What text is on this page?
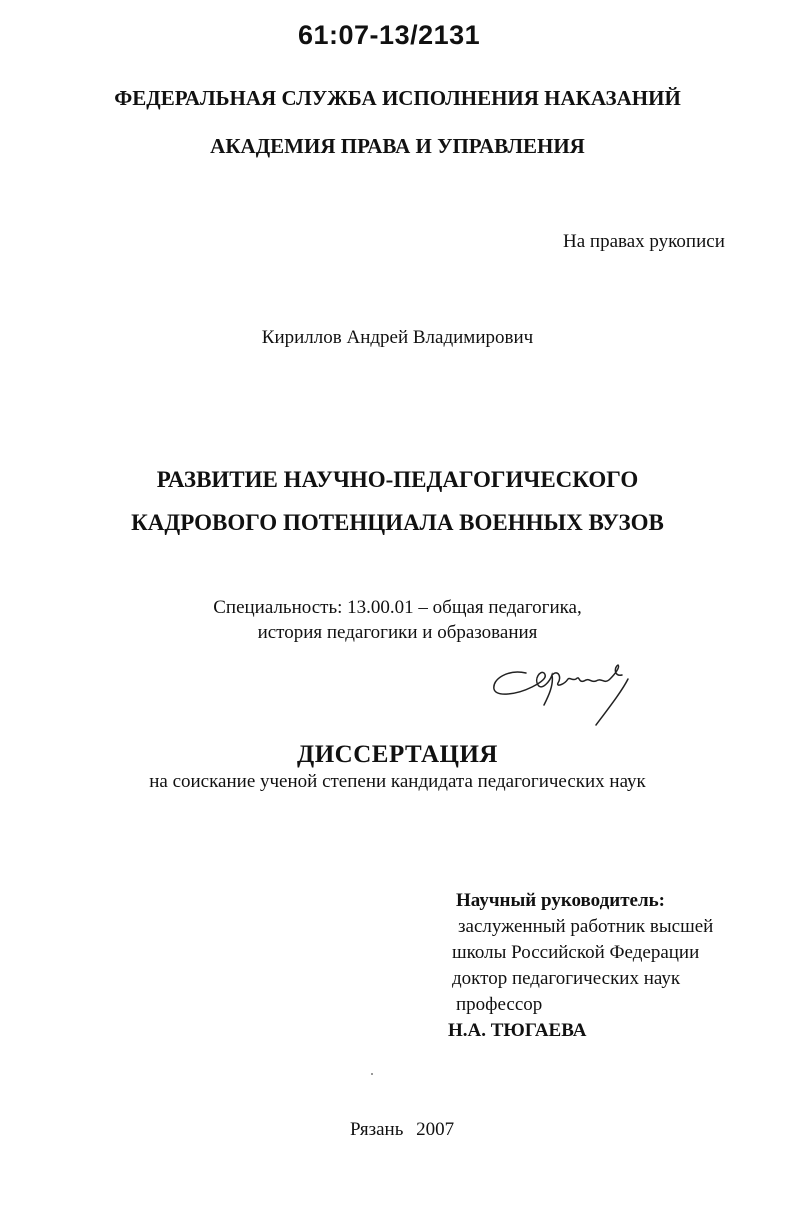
61:07-13/2131
ФЕДЕРАЛЬНАЯ СЛУЖБА ИСПОЛНЕНИЯ НАКАЗАНИЙ
АКАДЕМИЯ ПРАВА И УПРАВЛЕНИЯ
На правах рукописи
Кириллов Андрей Владимирович
РАЗВИТИЕ НАУЧНО-ПЕДАГОГИЧЕСКОГО
КАДРОВОГО ПОТЕНЦИАЛА ВОЕННЫХ ВУЗОВ
Специальность: 13.00.01 – общая педагогика,
история педагогики и образования
ДИССЕРТАЦИЯ
на соискание ученой степени кандидата педагогических наук
Научный руководитель:
заслуженный работник высшей
школы Российской Федерации
доктор педагогических наук
профессор
Н.А. ТЮГАЕВА
Рязань 2007
